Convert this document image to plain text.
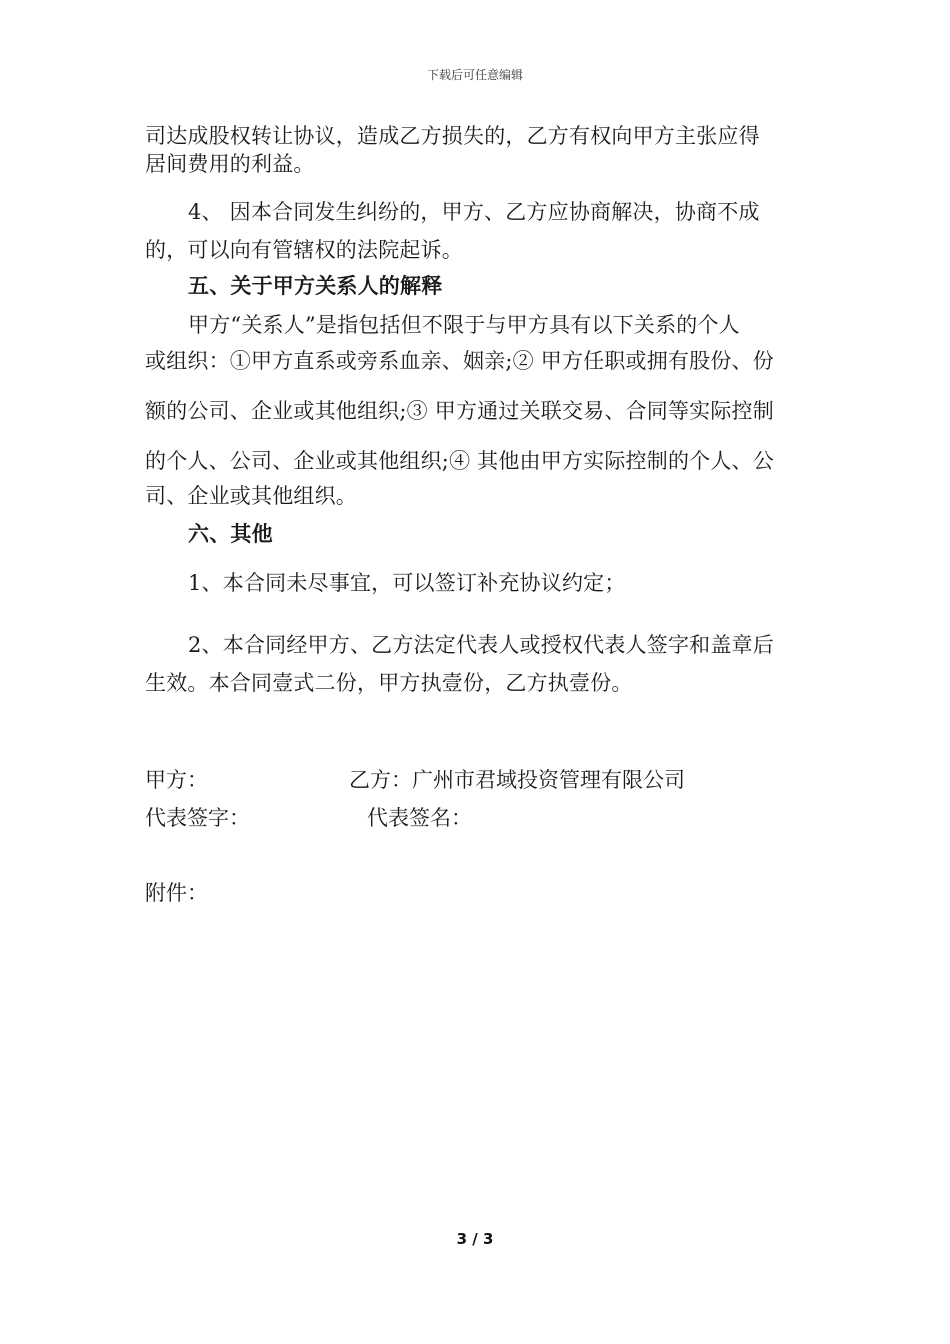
下载后可任意编辑
司达成股权转让协议，造成乙方损失的，乙方有权向甲方主张应得
居间费用的利益。
4、 因本合同发生纠纷的，甲方、乙方应协商解决，协商不成
的，可以向有管辖权的法院起诉。
五、关于甲方关系人的解释
甲方“关系人”是指包括但不限于与甲方具有以下关系的个人
或组织：①甲方直系或旁系血亲、姻亲;② 甲方任职或拥有股份、份
额的公司、企业或其他组织;③ 甲方通过关联交易、合同等实际控制
的个人、公司、企业或其他组织;④ 其他由甲方实际控制的个人、公
司、企业或其他组织。
六、其他
1、本合同未尽事宜，可以签订补充协议约定；
2、本合同经甲方、乙方法定代表人或授权代表人签字和盖章后
生效。本合同壹式二份，甲方执壹份，乙方执壹份。
甲方：	乙方：广州市君域投资管理有限公司
代表签字：	代表签名：
附件：
3 / 3
